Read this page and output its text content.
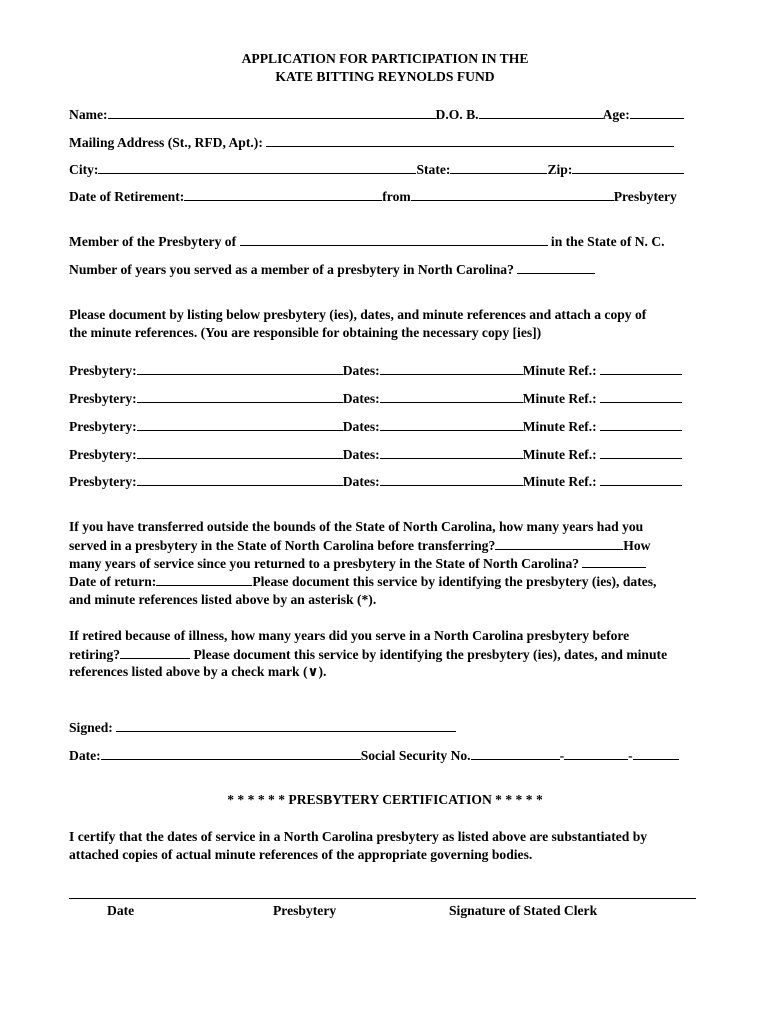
APPLICATION FOR PARTICIPATION IN THE
KATE BITTING REYNOLDS FUND
Name:	D.O. B.	Age:
Mailing Address (St., RFD, Apt.):
City:	State:	Zip:
Date of Retirement:	from	Presbytery
Member of the Presbytery of	in the State of N. C.
Number of years you served as a member of a presbytery in North Carolina?
Please document by listing below presbytery (ies), dates, and minute references and attach a copy of
the minute references. (You are responsible for obtaining the necessary copy [ies])
Presbytery:	Dates:	Minute Ref.:
Presbytery:	Dates:	Minute Ref.:
Presbytery:	Dates:	Minute Ref.:
Presbytery:	Dates:	Minute Ref.:
Presbytery:	Dates:	Minute Ref.:
If you have transferred outside the bounds of the State of North Carolina, how many years had you
served in a presbytery in the State of North Carolina before transferring?	How
many years of service since you returned to a presbytery in the State of North Carolina?
Date of return:	Please document this service by identifying the presbytery (ies), dates,
and minute references listed above by an asterisk (*).
If retired because of illness, how many years did you serve in a North Carolina presbytery before
retiring?	Please document this service by identifying the presbytery (ies), dates, and minute
references listed above by a check mark (∨).
Signed:
Date:	Social Security No.	-	-
* * * * * * PRESBYTERY CERTIFICATION * * * * *
I certify that the dates of service in a North Carolina presbytery as listed above are substantiated by
attached copies of actual minute references of the appropriate governing bodies.
Date	Presbytery	Signature of Stated Clerk
